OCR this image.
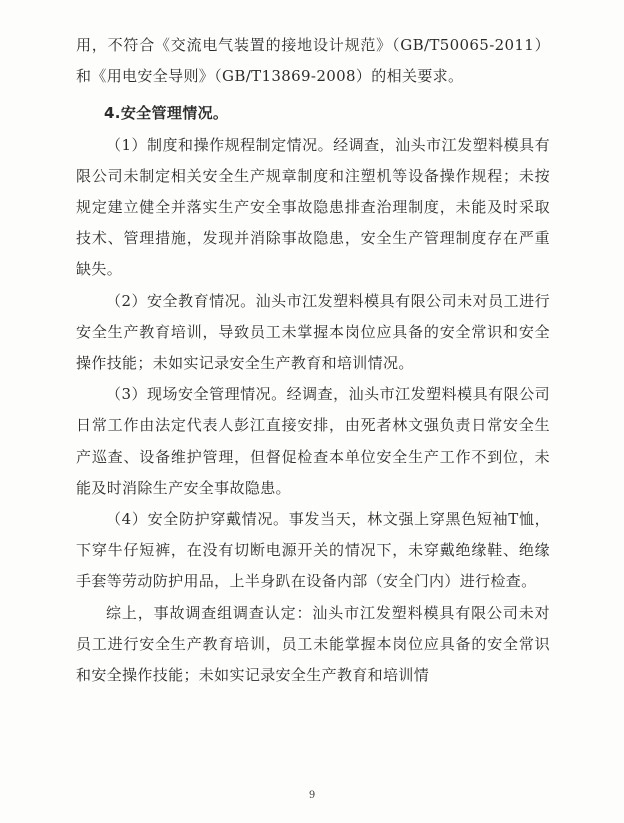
用，不符合《交流电气装置的接地设计规范》（GB/T50065-2011）和《用电安全导则》（GB/T13869-2008）的相关要求。

4.安全管理情况。

（1）制度和操作规程制定情况。经调查，汕头市江发塑料模具有限公司未制定相关安全生产规章制度和注塑机等设备操作规程；未按规定建立健全并落实生产安全事故隐患排查治理制度，未能及时采取技术、管理措施，发现并消除事故隐患，安全生产管理制度存在严重缺失。

（2）安全教育情况。汕头市江发塑料模具有限公司未对员工进行安全生产教育培训，导致员工未掌握本岗位应具备的安全常识和安全操作技能；未如实记录安全生产教育和培训情况。

（3）现场安全管理情况。经调查，汕头市江发塑料模具有限公司日常工作由法定代表人彭江直接安排，由死者林文强负责日常安全生产巡查、设备维护管理，但督促检查本单位安全生产工作不到位，未能及时消除生产安全事故隐患。

（4）安全防护穿戴情况。事发当天，林文强上穿黑色短袖T恤，下穿牛仔短裤，在没有切断电源开关的情况下，未穿戴绝缘鞋、绝缘手套等劳动防护用品，上半身趴在设备内部（安全门内）进行检查。

综上，事故调查组调查认定：汕头市江发塑料模具有限公司未对员工进行安全生产教育培训，员工未能掌握本岗位应具备的安全常识和安全操作技能；未如实记录安全生产教育和培训情

9
